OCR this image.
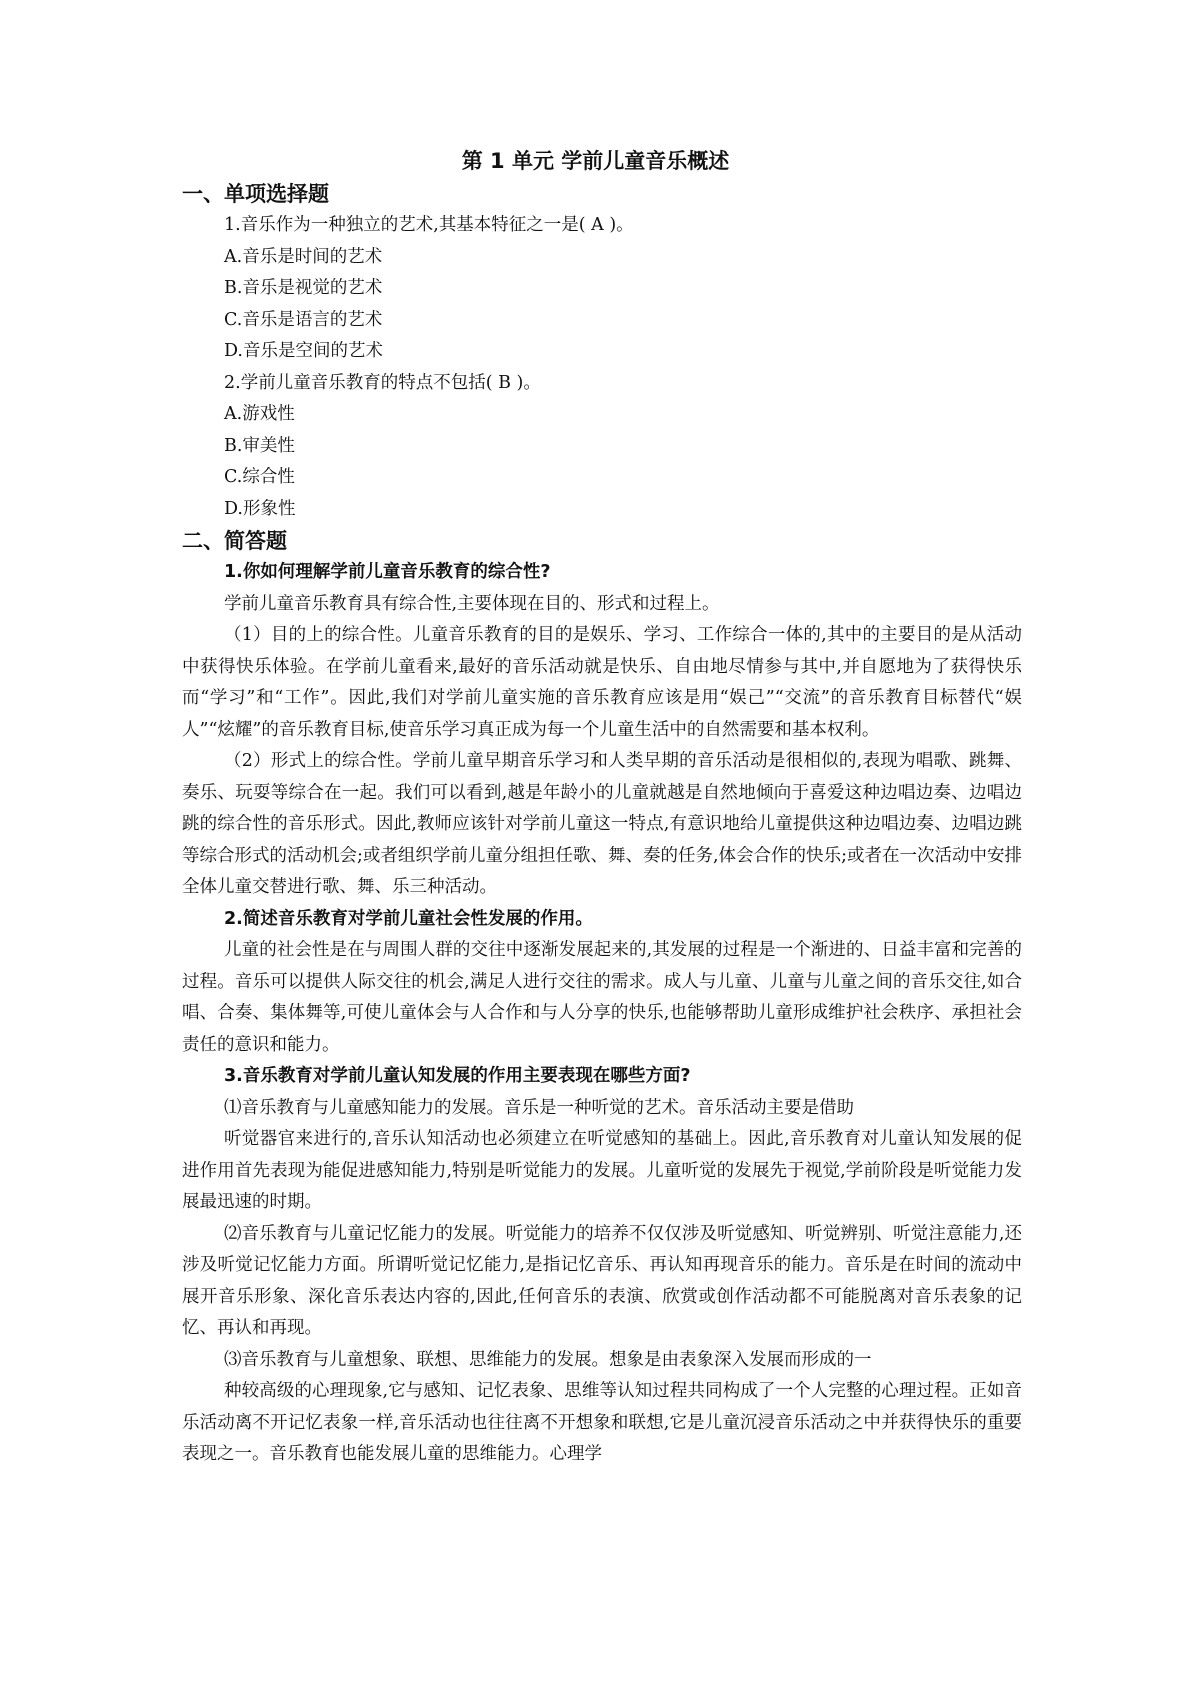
第 1 单元 学前儿童音乐概述
一、单项选择题

1.音乐作为一种独立的艺术,其基本特征之一是( A )。

A.音乐是时间的艺术

B.音乐是视觉的艺术

C.音乐是语言的艺术

D.音乐是空间的艺术

2.学前儿童音乐教育的特点不包括( B )。

A.游戏性

B.审美性

C.综合性

D.形象性

二、简答题

1.你如何理解学前儿童音乐教育的综合性?

学前儿童音乐教育具有综合性,主要体现在目的、形式和过程上。

（1）目的上的综合性。儿童音乐教育的目的是娱乐、学习、工作综合一体的,其中的主要目的是从活动中获得快乐体验。在学前儿童看来,最好的音乐活动就是快乐、自由地尽情参与其中,并自愿地为了获得快乐而“学习”和“工作”。因此,我们对学前儿童实施的音乐教育应该是用“娱己”“交流”的音乐教育目标替代“娱人”“炫耀”的音乐教育目标,使音乐学习真正成为每一个儿童生活中的自然需要和基本权利。

（2）形式上的综合性。学前儿童早期音乐学习和人类早期的音乐活动是很相似的,表现为唱歌、跳舞、奏乐、玩耍等综合在一起。我们可以看到,越是年龄小的儿童就越是自然地倾向于喜爱这种边唱边奏、边唱边跳的综合性的音乐形式。因此,教师应该针对学前儿童这一特点,有意识地给儿童提供这种边唱边奏、边唱边跳等综合形式的活动机会;或者组织学前儿童分组担任歌、舞、奏的任务,体会合作的快乐;或者在一次活动中安排全体儿童交替进行歌、舞、乐三种活动。

2.简述音乐教育对学前儿童社会性发展的作用。

儿童的社会性是在与周围人群的交往中逐渐发展起来的,其发展的过程是一个渐进的、日益丰富和完善的过程。音乐可以提供人际交往的机会,满足人进行交往的需求。成人与儿童、儿童与儿童之间的音乐交往,如合唱、合奏、集体舞等,可使儿童体会与人合作和与人分享的快乐,也能够帮助儿童形成维护社会秩序、承担社会责任的意识和能力。

3.音乐教育对学前儿童认知发展的作用主要表现在哪些方面?

⑴音乐教育与儿童感知能力的发展。音乐是一种听觉的艺术。音乐活动主要是借助

听觉器官来进行的,音乐认知活动也必须建立在听觉感知的基础上。因此,音乐教育对儿童认知发展的促进作用首先表现为能促进感知能力,特别是听觉能力的发展。儿童听觉的发展先于视觉,学前阶段是听觉能力发展最迅速的时期。

⑵音乐教育与儿童记忆能力的发展。听觉能力的培养不仅仅涉及听觉感知、听觉辨别、听觉注意能力,还涉及听觉记忆能力方面。所谓听觉记忆能力,是指记忆音乐、再认知再现音乐的能力。音乐是在时间的流动中展开音乐形象、深化音乐表达内容的,因此,任何音乐的表演、欣赏或创作活动都不可能脱离对音乐表象的记忆、再认和再现。

⑶音乐教育与儿童想象、联想、思维能力的发展。想象是由表象深入发展而形成的一

种较高级的心理现象,它与感知、记忆表象、思维等认知过程共同构成了一个人完整的心理过程。正如音乐活动离不开记忆表象一样,音乐活动也往往离不开想象和联想,它是儿童沉浸音乐活动之中并获得快乐的重要表现之一。音乐教育也能发展儿童的思维能力。心理学
